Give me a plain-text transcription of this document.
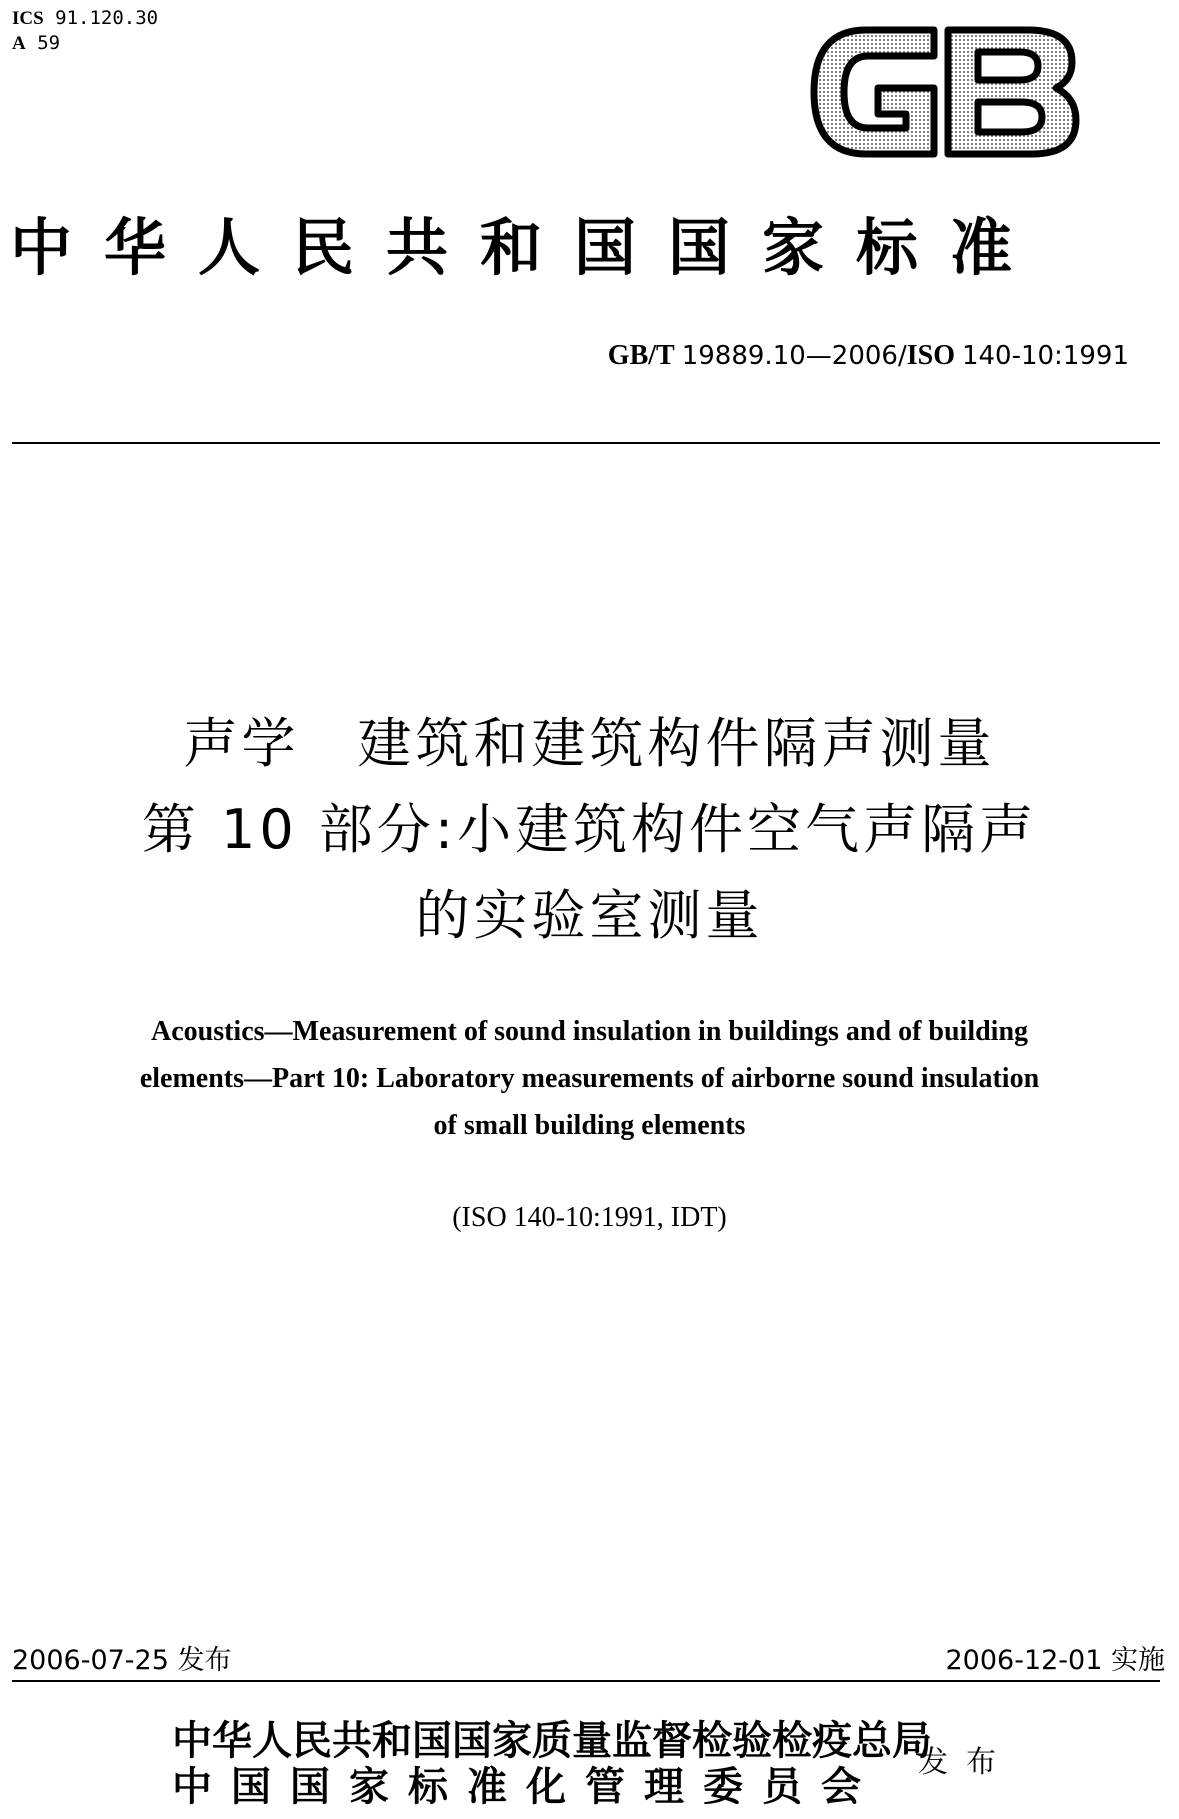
ICS 91.120.30
A 59
中华人民共和国国家标准
GB/T 19889.10—2006/ISO 140-10:1991
声学　建筑和建筑构件隔声测量
第 10 部分:小建筑构件空气声隔声
的实验室测量
Acoustics—Measurement of sound insulation in buildings and of building
elements—Part 10: Laboratory measurements of airborne sound insulation
of small building elements
(ISO 140-10:1991, IDT)
2006-07-25 发布	2006-12-01 实施
中华人民共和国国家质量监督检验检疫总局
中国国家标准化管理委员会
发布
